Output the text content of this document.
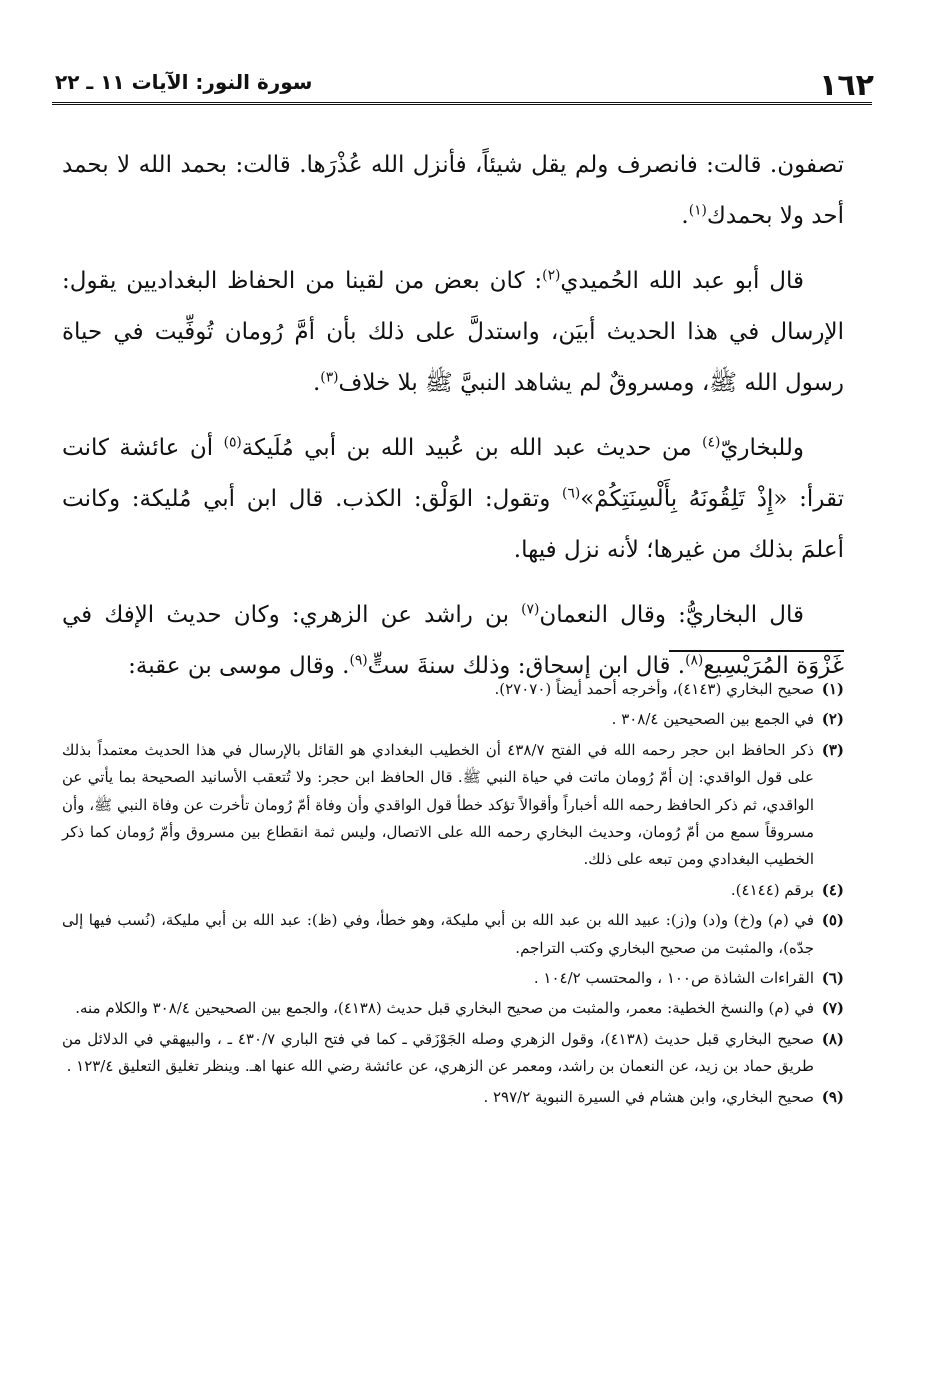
١٦٢
سورة النور: الآيات ١١ ـ ٢٢

تصفون. قالت: فانصرف ولم يقل شيئاً، فأنزل الله عُذْرَها. قالت: بحمد الله لا بحمد أحد ولا بحمدك$^{(١)}$.

قال أبو عبد الله الحُميدي$^{(٢)}$: كان بعض من لقينا من الحفاظ البغداديين يقول: الإرسال في هذا الحديث أبيَن، واستدلَّ على ذلك بأن أمَّ رُومان تُوفِّيت في حياة رسول الله ﷺ، ومسروقٌ لم يشاهد النبيَّ ﷺ بلا خلاف$^{(٣)}$.

وللبخاريّ$^{(٤)}$ من حديث عبد الله بن عُبيد الله بن أبي مُلَيكة$^{(٥)}$ أن عائشة كانت تقرأ: «إِذْ تَلِقُونَهُ بِأَلْسِنَتِكُمْ»$^{(٦)}$ وتقول: الوَلْق: الكذب. قال ابن أبي مُليكة: وكانت أعلمَ بذلك من غيرها؛ لأنه نزل فيها.

قال البخاريُّ: وقال النعمان$^{(٧)}$ بن راشد عن الزهري: وكان حديث الإفك في غَزْوَة المُرَيْسِيع$^{(٨)}$. قال ابن إسحاق: وذلك سنةَ ستٍّ$^{(٩)}$. وقال موسى بن عقبة:

(١)
صحيح البخاري (٤١٤٣)، وأخرجه أحمد أيضاً (٢٧٠٧٠).
(٢)
في الجمع بين الصحيحين ٣٠٨/٤ .
(٣)
ذكر الحافظ ابن حجر رحمه الله في الفتح ٤٣٨/٧ أن الخطيب البغدادي هو القائل بالإرسال في هذا الحديث معتمداً بذلك على قول الواقدي: إن أمّ رُومان ماتت في حياة النبي ﷺ. قال الحافظ ابن حجر: ولا تُتعقب الأسانيد الصحيحة بما يأتي عن الواقدي، ثم ذكر الحافظ رحمه الله أخباراً وأقوالاً تؤكد خطأ قول الواقدي وأن وفاة أمّ رُومان تأخرت عن وفاة النبي ﷺ، وأن مسروقاً سمع من أمّ رُومان، وحديث البخاري رحمه الله على الاتصال، وليس ثمة انقطاع بين مسروق وأمّ رُومان كما ذكر الخطيب البغدادي ومن تبعه على ذلك.
(٤)
برقم (٤١٤٤).
(٥)
في (م) و(خ) و(د) و(ز): عبيد الله بن عبد الله بن أبي مليكة، وهو خطأ، وفي (ظ): عبد الله بن أبي مليكة، (نُسب فيها إلى جدّه)، والمثبت من صحيح البخاري وكتب التراجم.
(٦)
القراءات الشاذة ص١٠٠ ، والمحتسب ١٠٤/٢ .
(٧)
في (م) والنسخ الخطية: معمر، والمثبت من صحيح البخاري قبل حديث (٤١٣٨)، والجمع بين الصحيحين ٣٠٨/٤ والكلام منه.
(٨)
صحيح البخاري قبل حديث (٤١٣٨)، وقول الزهري وصله الجَوْزَقي ـ كما في فتح الباري ٤٣٠/٧ ـ ، والبيهقي في الدلائل من طريق حماد بن زيد، عن النعمان بن راشد، ومعمر عن الزهري، عن عائشة رضي الله عنها اهـ. وينظر تغليق التعليق ١٢٣/٤ .
(٩)
صحيح البخاري، وابن هشام في السيرة النبوية ٢٩٧/٢ .
